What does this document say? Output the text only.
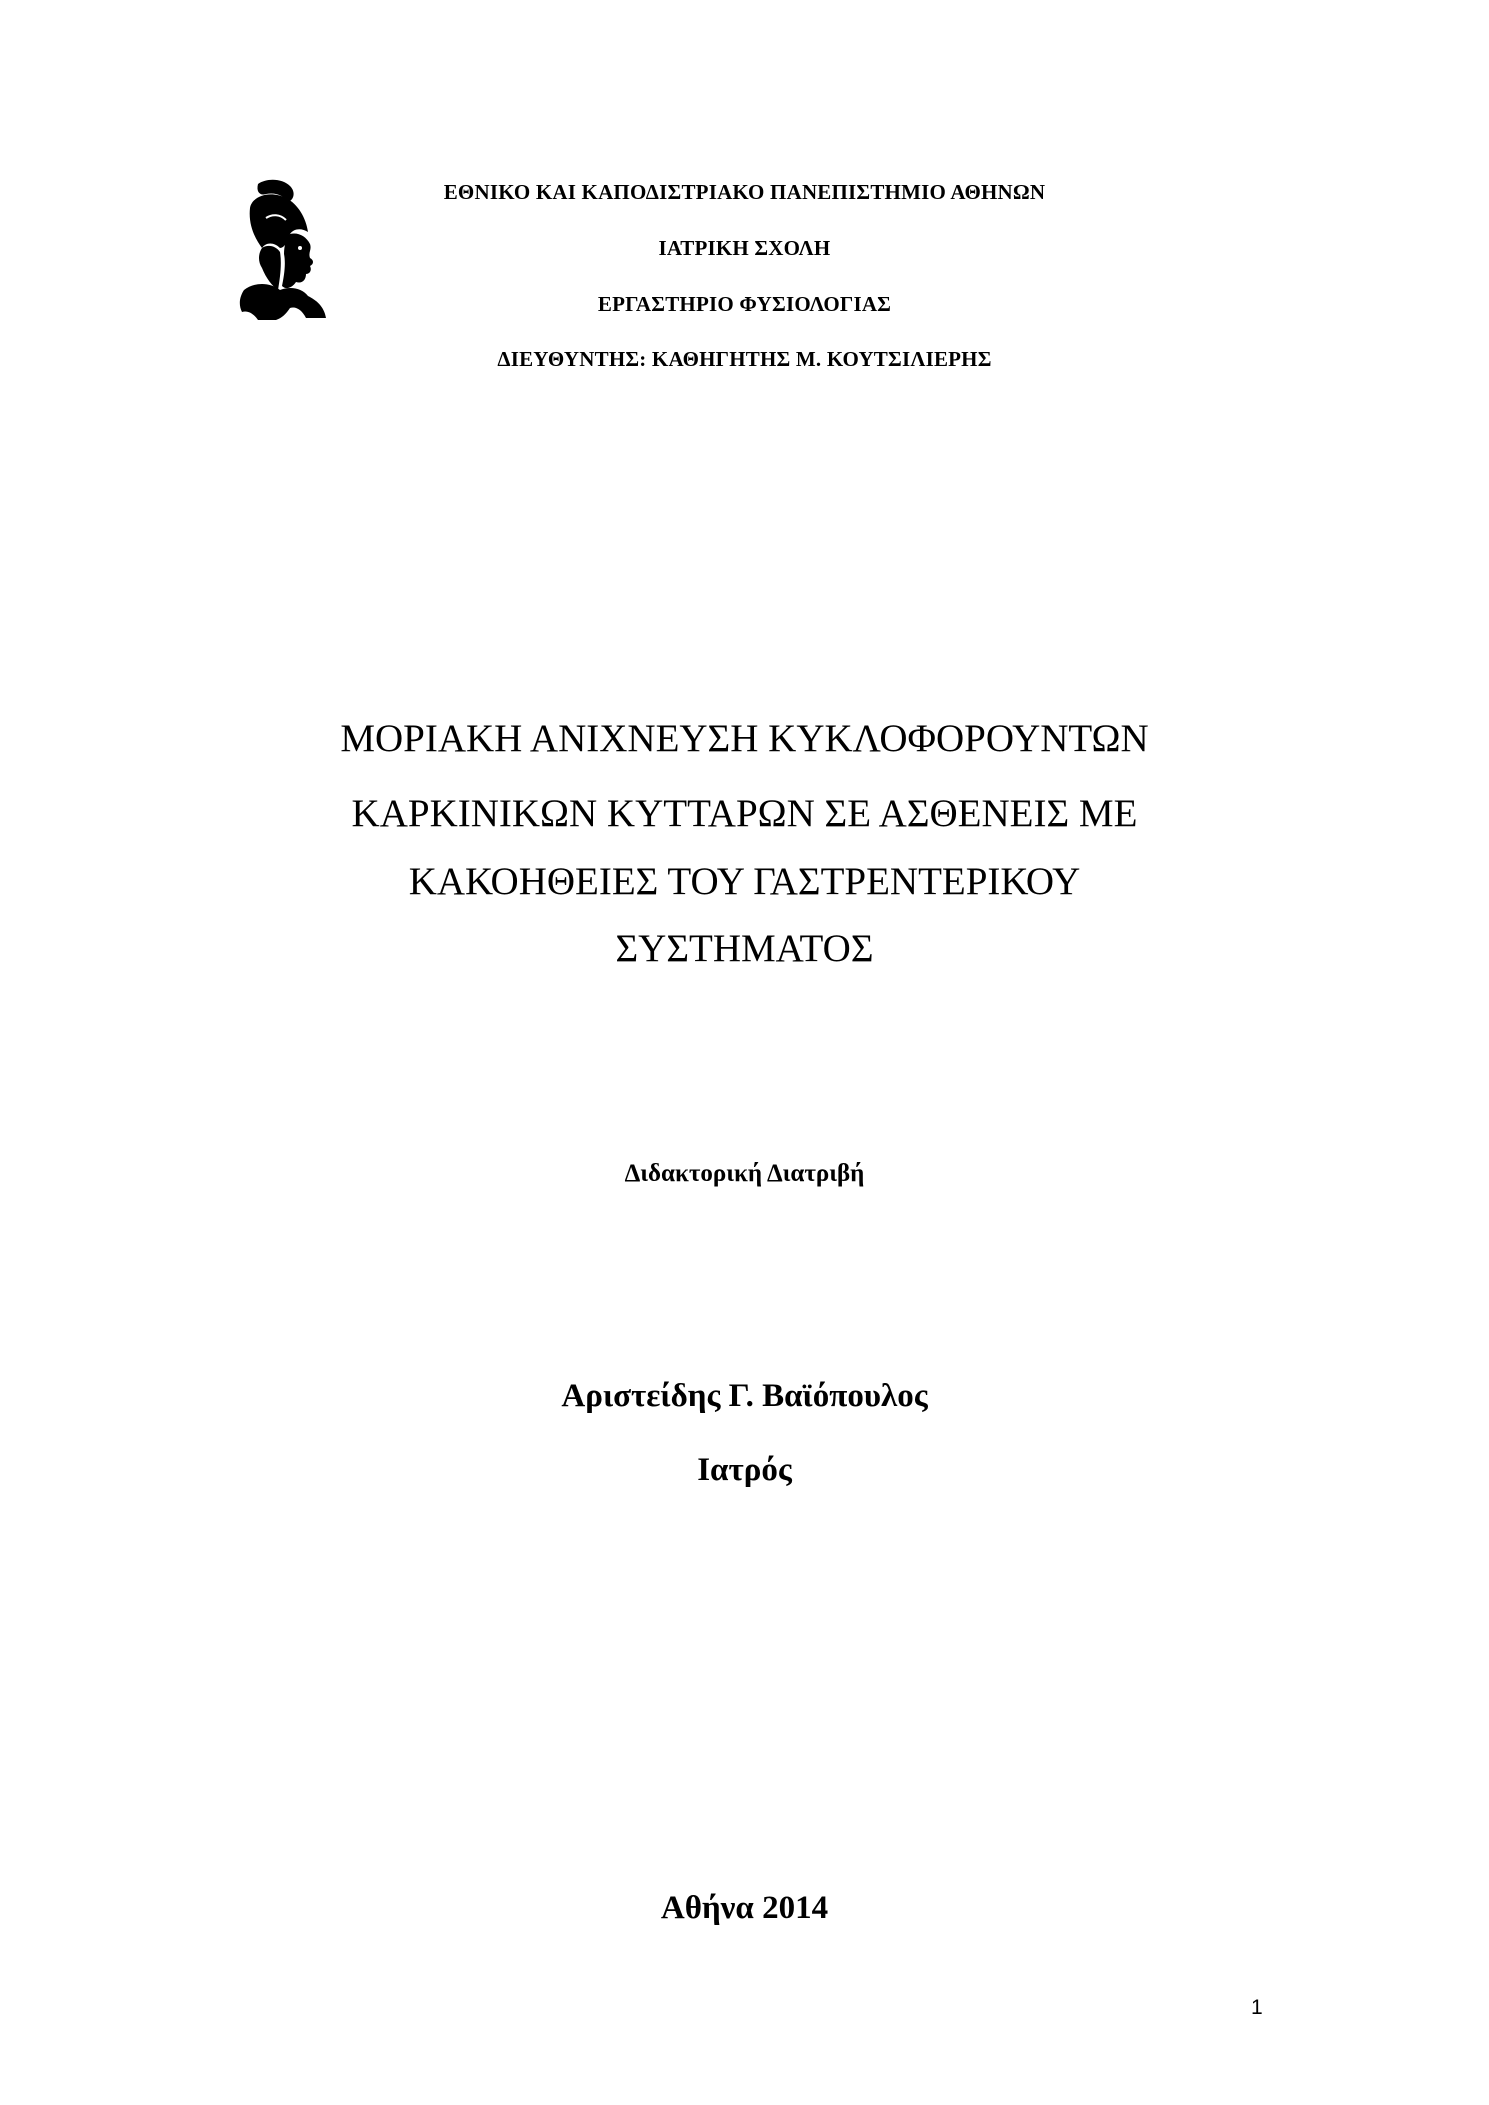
ΕΘΝΙΚΟ ΚΑΙ ΚΑΠΟΔΙΣΤΡΙΑΚΟ ΠΑΝΕΠΙΣΤΗΜΙΟ ΑΘΗΝΩΝ
ΙΑΤΡΙΚΗ ΣΧΟΛΗ
ΕΡΓΑΣΤΗΡΙΟ ΦΥΣΙΟΛΟΓΙΑΣ
ΔΙΕΥΘΥΝΤΗΣ: ΚΑΘΗΓΗΤΗΣ Μ. ΚΟΥΤΣΙΛΙΕΡΗΣ
ΜΟΡΙΑΚΗ ΑΝΙΧΝΕΥΣΗ ΚΥΚΛΟΦΟΡΟΥΝΤΩΝ
ΚΑΡΚΙΝΙΚΩΝ ΚΥΤΤΑΡΩΝ ΣΕ ΑΣΘΕΝΕΙΣ ΜΕ
ΚΑΚΟΗΘΕΙΕΣ ΤΟΥ ΓΑΣΤΡΕΝΤΕΡΙΚΟΥ
ΣΥΣΤΗΜΑΤΟΣ
Διδακτορική Διατριβή
Αριστείδης Γ. Βαϊόπουλος
Ιατρός
Αθήνα 2014
1
